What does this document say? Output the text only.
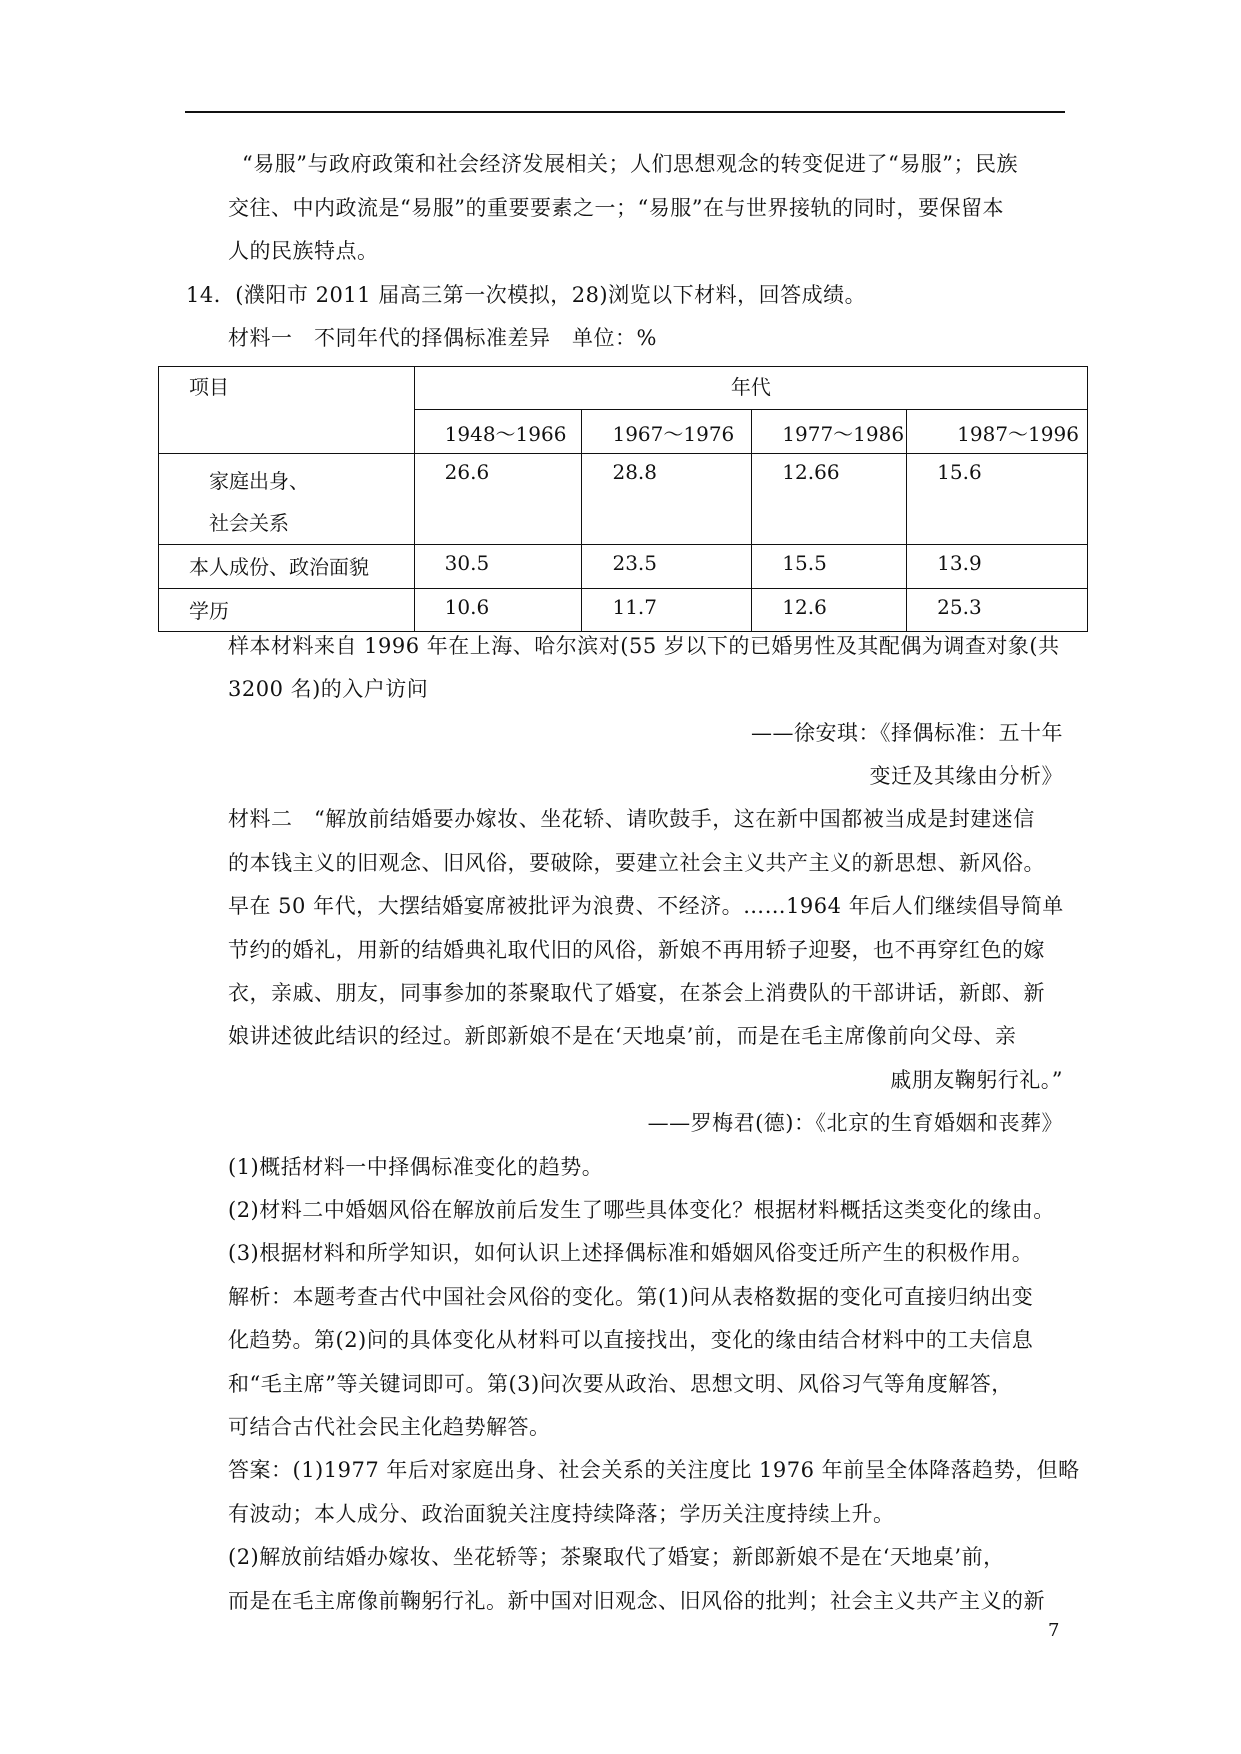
“易服”与政府政策和社会经济发展相关；人们思想观念的转变促进了“易服”；民族
交往、中内政流是“易服”的重要要素之一；“易服”在与世界接轨的同时，要保留本
人的民族特点。
14．(濮阳市 2011 届高三第一次模拟，28)浏览以下材料，回答成绩。
材料一　不同年代的择偶标准差异　单位：%
项目	年代			

	1948～1966	1967～1976	1977～1986	1987～1996

家庭出身、
社会关系	26.6	28.8	12.66	15.6

本人成份、政治面貌	30.5	23.5	15.5	13.9

学历	10.6	11.7	12.6	25.3
样本材料来自 1996 年在上海、哈尔滨对(55 岁以下的已婚男性及其配偶为调查对象(共
3200 名)的入户访问
——徐安琪：《择偶标准：五十年
变迁及其缘由分析》
材料二　“解放前结婚要办嫁妆、坐花轿、请吹鼓手，这在新中国都被当成是封建迷信
的本钱主义的旧观念、旧风俗，要破除，要建立社会主义共产主义的新思想、新风俗。
早在 50 年代，大摆结婚宴席被批评为浪费、不经济。……1964 年后人们继续倡导简单
节约的婚礼，用新的结婚典礼取代旧的风俗，新娘不再用轿子迎娶，也不再穿红色的嫁
衣，亲戚、朋友，同事参加的茶聚取代了婚宴，在茶会上消费队的干部讲话，新郎、新
娘讲述彼此结识的经过。新郎新娘不是在‘天地桌’前，而是在毛主席像前向父母、亲
戚朋友鞠躬行礼。”
——罗梅君(德)：《北京的生育婚姻和丧葬》
(1)概括材料一中择偶标准变化的趋势。
(2)材料二中婚姻风俗在解放前后发生了哪些具体变化？根据材料概括这类变化的缘由。
(3)根据材料和所学知识，如何认识上述择偶标准和婚姻风俗变迁所产生的积极作用。
解析：本题考查古代中国社会风俗的变化。第(1)问从表格数据的变化可直接归纳出变
化趋势。第(2)问的具体变化从材料可以直接找出，变化的缘由结合材料中的工夫信息
和“毛主席”等关键词即可。第(3)问次要从政治、思想文明、风俗习气等角度解答，
可结合古代社会民主化趋势解答。
答案：(1)1977 年后对家庭出身、社会关系的关注度比 1976 年前呈全体降落趋势，但略
有波动；本人成分、政治面貌关注度持续降落；学历关注度持续上升。
(2)解放前结婚办嫁妆、坐花轿等；茶聚取代了婚宴；新郎新娘不是在‘天地桌’前，
而是在毛主席像前鞠躬行礼。新中国对旧观念、旧风俗的批判；社会主义共产主义的新
7
